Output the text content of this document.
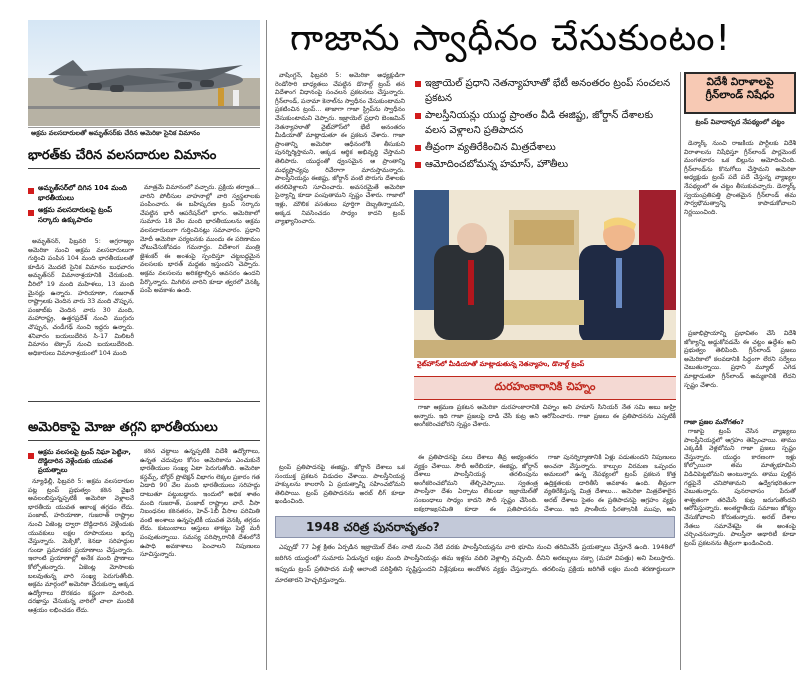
అక్రమ వలసదారులతో అమృత్‌సర్‌కు చేరిన అమెరికా సైనిక విమానం
భారత్‌కు చేరిన వలసదారుల విమానం
అమృత్‌సర్‌లో దిగిన 104 మంది భారతీయులు
అక్రమ వలసదారులపై ట్రంప్ సర్కారు ఉక్కుపాదం

అమృత్‌సర్, ఫిబ్రవరి 5: అగ్రరాజ్యం అమెరికా నుంచి అక్రమ వలసదారులుగా గుర్తించి పంపిన 104 మంది భారతీయులతో కూడిన మొదటి సైనిక విమానం బుధవారం అమృత్‌సర్ విమానాశ్రయానికి చేరుకుంది. వీరిలో 19 మంది మహిళలు, 13 మంది మైనర్లు ఉన్నారు. హరియాణా, గుజరాత్ రాష్ట్రాలకు చెందిన వారు 33 మంది చొప్పున, పంజాబ్‌కు చెందిన వారు 30 మంది, మహారాష్ట్ర, ఉత్తరప్రదేశ్ నుంచి ముగ్గురు చొప్పున, చండీగఢ్ నుంచి ఇద్దరు ఉన్నారు. శనివారం బయలుదేరిన సి-17 మిలిటరీ విమానం టెక్సాస్ నుంచి బయలుదేరింది. అధికారులు విమానాశ్రయంలో 104 మంది

మాత్రమే విమానంలో వచ్చారు. ప్రక్రియ తర్వాత... వారిని పోలీసుల వాహనాల్లో వారి స్వస్థలాలకు పంపించారు. ఈ బహిష్కరణ ట్రంప్ సర్కారు చేపట్టిన భారీ ఆపరేషన్‌లో భాగం. అమెరికాలో సుమారు 18 వేల మంది భారతీయులను అక్రమ వలసదారులుగా గుర్తించినట్లు సమాచారం. ప్రధాని మోదీ అమెరికా పర్యటనకు ముందు ఈ పరిణామం చోటుచేసుకోవడం గమనార్హం. విదేశాంగ మంత్రి జైశంకర్ ఈ అంశంపై స్పందిస్తూ చట్టబద్ధమైన వలసలకు భారత్ మద్దతు ఇస్తుందని చెప్పారు. అక్రమ వలసలను అరికట్టాల్సిన అవసరం ఉందని పేర్కొన్నారు. మిగిలిన వారిని కూడా త్వరలో వెనక్కి పంపే అవకాశం ఉంది.

అమెరికాపై మోజు తగ్గని భారతీయులు
అక్రమ వలసలపై ట్రంప్ నిఘా పెట్టినా, దొడ్డిదారిన వెళ్లేందుకు యువత ప్రయత్నాలు

న్యూఢిల్లీ, ఫిబ్రవరి 5: అక్రమ వలసదారుల పట్ల ట్రంప్ ప్రభుత్వం కఠిన వైఖరి అవలంబిస్తున్నప్పటికీ అమెరికా వెళ్లాలనే భారతీయ యువత ఆకాంక్ష తగ్గడం లేదు. పంజాబ్, హరియాణా, గుజరాత్ రాష్ట్రాల నుంచి ఏజెంట్ల ద్వారా దొడ్డిదారిన వెళ్లేందుకు యువకులు లక్షల రూపాయలు ఖర్చు చేస్తున్నారు. మెక్సికో, కెనడా సరిహద్దుల గుండా ప్రమాదకర ప్రయాణాలు చేస్తున్నారు. ఇలాంటి ప్రయాణాల్లో అనేక మంది ప్రాణాలు కోల్పోతున్నారు. ఏజెంట్ల మోసాలకు బలవుతున్న వారి సంఖ్య పెరుగుతోంది. అక్రమ మార్గంలో అమెరికా చేరుకున్నా అక్కడ ఉద్యోగాలు దొరకడం కష్టంగా మారింది. దరఖాస్తు చేసుకున్న వారిలో చాలా మందికి ఆశ్రయం లభించడం లేదు.

కఠిన చట్టాలు ఉన్నప్పటికీ విదేశీ ఉద్యోగాలు, ఉన్నత చదువుల కోసం అమెరికాను ఎంచుకునే భారతీయుల సంఖ్య ఏటా పెరుగుతోంది. అమెరికా కస్టమ్స్, బోర్డర్ ప్రొటెక్షన్ విభాగం లెక్కల ప్రకారం గత ఏడాది 90 వేల మంది భారతీయులు సరిహద్దు దాటుతూ పట్టుబడ్డారు. ఇందులో అధిక శాతం మంది గుజరాత్, పంజాబ్ రాష్ట్రాల వారే. వీసా నిబంధనల కఠినతరం, హెచ్-1బీ వీసాల పరిమితి వంటి అంశాలు ఉన్నప్పటికీ యువత వెనక్కి తగ్గడం లేదు. కుటుంబాలు ఆస్తులు తాకట్టు పెట్టి మరీ పంపుతున్నాయి. సమస్య పరిష్కారానికి దేశంలోనే ఉపాధి అవకాశాలు పెంచాలని నిపుణులు సూచిస్తున్నారు.

గాజాను స్వాధీనం చేసుకుంటం!
ఇజ్రాయెల్ ప్రధాని నెతన్యాహూతో భేటీ అనంతరం ట్రంప్ సంచలన ప్రకటన
పాలస్తీనియన్లు యుద్ధ ప్రాంతం వీడి ఈజిప్టు, జోర్డాన్ దేశాలకు వలస వెళ్లాలని ప్రతిపాదన
తీవ్రంగా వ్యతిరేకించిన మిత్రదేశాలు
ఆమోదించబోమన్న హమాస్, హౌతీలు

వాషింగ్టన్, ఫిబ్రవరి 5: అమెరికా అధ్యక్షుడిగా రెండోసారి బాధ్యతలు చేపట్టిన డొనాల్డ్ ట్రంప్ తన విదేశాంగ విధానంపై సంచలన ప్రకటనలు చేస్తున్నారు. గ్రీన్‌లాండ్, పనామా కెనాల్‌ను స్వాధీనం చేసుకుంటామని ప్రకటించిన ట్రంప్... తాజాగా గాజా స్ట్రిప్‌ను స్వాధీనం చేసుకుంటామని చెప్పారు. ఇజ్రాయెల్ ప్రధాని బెంజమిన్ నెతన్యాహూతో వైట్‌హౌస్‌లో భేటీ అనంతరం మీడియాతో మాట్లాడుతూ ఈ ప్రకటన చేశారు. గాజా ప్రాంతాన్ని అమెరికా ఆధీనంలోకి తీసుకుని పునర్నిర్మిస్తామని, అక్కడ ఆర్థిక అభివృద్ధి చేస్తామని తెలిపారు. యుద్ధంతో ధ్వంసమైన ఆ ప్రాంతాన్ని మధ్యప్రాచ్యపు రివేరాగా మారుస్తామన్నారు. పాలస్తీనియన్లు ఈజిప్టు, జోర్డాన్ వంటి పొరుగు దేశాలకు తరలివెళ్లాలని సూచించారు. అవసరమైతే అమెరికా సైన్యాన్ని కూడా పంపుతామని స్పష్టం చేశారు. గాజాలో ఇళ్లు, మౌలిక వసతులు పూర్తిగా దెబ్బతిన్నాయని, అక్కడ నివసించడం సాధ్యం కాదని ట్రంప్ వ్యాఖ్యానించారు.

వైట్‌హౌస్‌లో మీడియాతో మాట్లాడుతున్న నెతన్యాహు, డొనాల్డ్ ట్రంప్
దురహంకారానికి చిహ్నం

గాజా ఆక్రమణ ప్రకటన అమెరికా దురహంకారానికి చిహ్నం అని హమాస్ సీనియర్ నేత సమి అబు జుహ్రి అన్నారు. ఇది గాజా ప్రజలపై దాడి చేసే కుట్ర అని ఆరోపించారు. గాజా ప్రజలు ఈ ప్రతిపాదనను ఎప్పటికీ అంగీకరించబోరని స్పష్టం చేశారు.

1948 చరిత్ర పునరావృతం?

ఎప్పుడో 77 ఏళ్ల క్రితం ఏర్పడిన ఇజ్రాయెల్ దేశం నాటి నుంచి నేటి వరకు పాలస్తీనియన్లను వారి భూమి నుంచి తరిమివేసే ప్రయత్నాలు చేస్తూనే ఉంది. 1948లో జరిగిన యుద్ధంలో సుమారు ఏడున్నర లక్షల మంది పాలస్తీనియన్లు తమ ఇళ్లను వదిలి వెళ్లాల్సి వచ్చింది. దీనిని అరబ్బులు నక్బా (మహా విపత్తు) అని పిలుస్తారు. ఇప్పుడు ట్రంప్ ప్రతిపాదన మళ్లీ అలాంటి పరిస్థితిని సృష్టిస్తుందని విశ్లేషకులు ఆందోళన వ్యక్తం చేస్తున్నారు. తరలింపు ప్రక్రియ జరిగితే లక్షల మంది శరణార్థులుగా మారతారని హెచ్చరిస్తున్నారు.

ట్రంప్ ప్రతిపాదనపై ఈజిప్టు, జోర్డాన్ దేశాలు ఒక సంయుక్త ప్రకటన విడుదల చేశాయి. పాలస్తీనియన్ల హక్కులను కాలరాసే ఏ ప్రయత్నాన్నీ సహించబోమని తెలిపాయి. ట్రంప్ ప్రతిపాదనను అరబ్ లీగ్ కూడా ఖండించింది.

గాజా పునర్నిర్మాణానికి ఏళ్లు పడుతుందని నిపుణులు అంచనా వేస్తున్నారు. కాల్పుల విరమణ ఒప్పందం అమలులో ఉన్న నేపథ్యంలో ట్రంప్ ప్రకటన కొత్త ఉద్రిక్తతలకు దారితీసే అవకాశం ఉంది. తీవ్రంగా వ్యతిరేకిస్తున్న మిత్ర దేశాలు... అమెరికా మిత్రదేశాలైన అరబ్ దేశాలు సైతం ఈ ప్రతిపాదనపై ఆగ్రహం వ్యక్తం చేశాయి. ఇది ప్రాంతీయ స్థిరత్వానికి ముప్పు అని

ఈ ప్రతిపాదనపై పలు దేశాలు తీవ్ర అభ్యంతరం వ్యక్తం చేశాయి. సౌదీ అరేబియా, ఈజిప్టు, జోర్డాన్ దేశాలు పాలస్తీనియన్ల తరలింపును అంగీకరించబోమని తేల్చిచెప్పాయి. స్వతంత్ర పాలస్తీనా దేశం ఏర్పాటు లేకుండా ఇజ్రాయెల్‌తో సంబంధాలు సాధ్యం కాదని సౌదీ స్పష్టం చేసింది. ఐక్యరాజ్యసమితి కూడా ఈ ప్రతిపాదనను

విదేశీ విరాళాలపై గ్రీన్‌లాండ్ నిషేధం
ట్రంప్ వివాదాస్పద నేపథ్యంలో చట్టం

డెన్మార్క్ నుంచి రాజకీయ పార్టీలకు విదేశీ విరాళాలను నిషేధిస్తూ గ్రీన్‌లాండ్ పార్లమెంట్ మంగళవారం ఒక బిల్లును ఆమోదించింది. గ్రీన్‌లాండ్‌ను కొనుగోలు చేస్తామని అమెరికా అధ్యక్షుడు ట్రంప్ పదే పదే చేస్తున్న వ్యాఖ్యల నేపథ్యంలో ఈ చట్టం తీసుకువచ్చారు. డెన్మార్క్ స్వయంప్రతిపత్తి ప్రాంతమైన గ్రీన్‌లాండ్ తమ సార్వభౌమత్వాన్ని కాపాడుకోవాలని నిర్ణయించింది.

ప్రజాభిప్రాయాన్ని ప్రభావితం చేసే విదేశీ జోక్యాన్ని అడ్డుకోవడమే ఈ చట్టం ఉద్దేశం అని ప్రభుత్వం తెలిపింది. గ్రీన్‌లాండ్ ప్రజలు అమెరికాలో కలవడానికి సిద్ధంగా లేరని సర్వేలు చెబుతున్నాయి. ప్రధాని మ్యూట్ ఎగెడ మాట్లాడుతూ గ్రీన్‌లాండ్ అమ్మకానికి లేదని స్పష్టం చేశారు.

గాజా ప్రజల మనోగతం?

గాజాపై ట్రంప్ చేసిన వ్యాఖ్యలు పాలస్తీనియన్లలో ఆగ్రహం తెప్పించాయి. తాము ఎక్కడికీ వెళ్లబోమని గాజా ప్రజలు స్పష్టం చేస్తున్నారు. యుద్ధం కారణంగా ఇళ్లు కోల్పోయినా తమ మాతృభూమిని విడిచిపెట్టబోమని అంటున్నారు. తాము పుట్టిన గడ్డపైనే చనిపోతామని ఉద్వేగభరితంగా చెబుతున్నారు. పునరావాసం పేరుతో శాశ్వతంగా తరిమేసే కుట్ర జరుగుతోందని ఆరోపిస్తున్నారు. అంతర్జాతీయ సమాజం జోక్యం చేసుకోవాలని కోరుతున్నారు. అరబ్ దేశాల నేతలు సమావేశమై ఈ అంశంపై చర్చించనున్నారు. పాలస్తీనా అథారిటీ కూడా ట్రంప్ ప్రకటనను తీవ్రంగా ఖండించింది.
